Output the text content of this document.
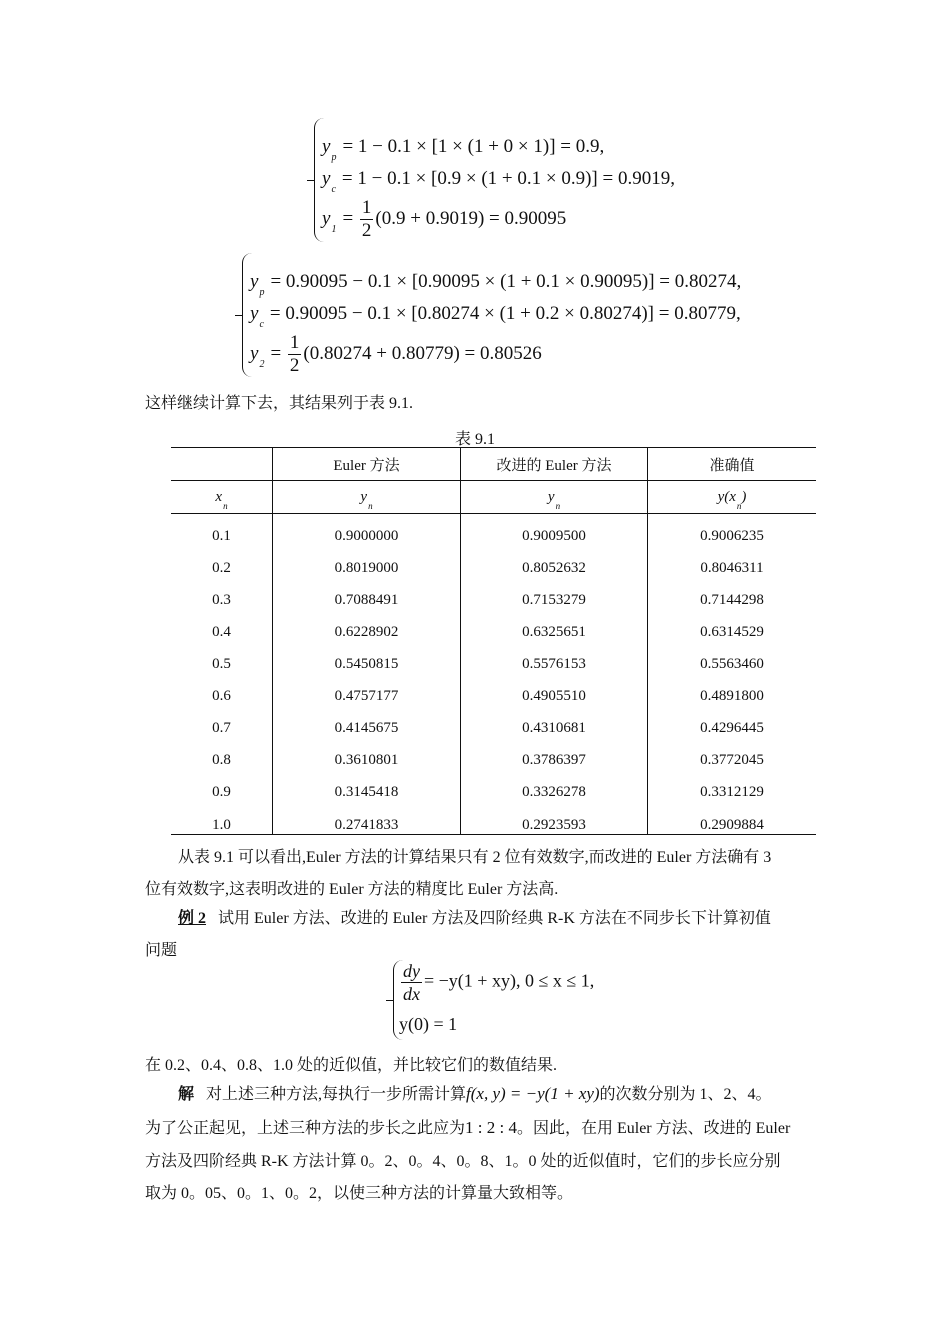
$y_p= 1 - 0.1 \times [1 \times (1 + 0 \times 1)] = 0.9$,
$y_c= 1 - 0.1 \times [0.9 \times (1 + 0.1 \times 0.9)] = 0.9019$,
$y_1= \frac{1}{2} (0.9 + 0.9019) = 0.90095$
$y_p= 0.90095 - 0.1 \times [0.90095 \times (1 + 0.1 \times 0.90095)] = 0.80274$,
$y_c= 0.90095 - 0.1 \times [0.80274 \times (1 + 0.2 \times 0.80274)] = 0.80779$,
$y_2= \frac{1}{2} (0.80274 + 0.80779) = 0.80526$

这样继续计算下去，其结果列于表 9.1.

表 9.1
	Euler 方法	改进的 Euler 方法	准确值
$x_n$	$y_n$	$y_n$	$y(x_n)$
0.1	0.9000000	0.9009500	0.9006235
0.2	0.8019000	0.8052632	0.8046311
0.3	0.7088491	0.7153279	0.7144298
0.4	0.6228902	0.6325651	0.6314529
0.5	0.5450815	0.5576153	0.5563460
0.6	0.4757177	0.4905510	0.4891800
0.7	0.4145675	0.4310681	0.4296445
0.8	0.3610801	0.3786397	0.3772045
0.9	0.3145418	0.3326278	0.3312129
1.0	0.2741833	0.2923593	0.2909884

从表 9.1 可以看出,Euler 方法的计算结果只有 2 位有效数字,而改进的 Euler 方法确有 3

位有效数字,这表明改进的 Euler 方法的精度比 Euler 方法高.

例 2 试用 Euler 方法、改进的 Euler 方法及四阶经典 R-K 方法在不同步长下计算初值

问题

$\frac{dy}{dx} = -y(1 + xy)$, 0 ≤ x ≤ 1,
y(0) = 1

在 0.2、0.4、0.8、1.0 处的近似值，并比较它们的数值结果.

解 对上述三种方法,每执行一步所需计算f(x, y) = −y(1 + xy)的次数分别为 1、2、4。

为了公正起见，上述三种方法的步长之此应为1 : 2 : 4。因此，在用 Euler 方法、改进的 Euler

方法及四阶经典 R-K 方法计算 0。2、0。4、0。8、1。0 处的近似值时，它们的步长应分别

取为 0。05、0。1、0。2，以使三种方法的计算量大致相等。
